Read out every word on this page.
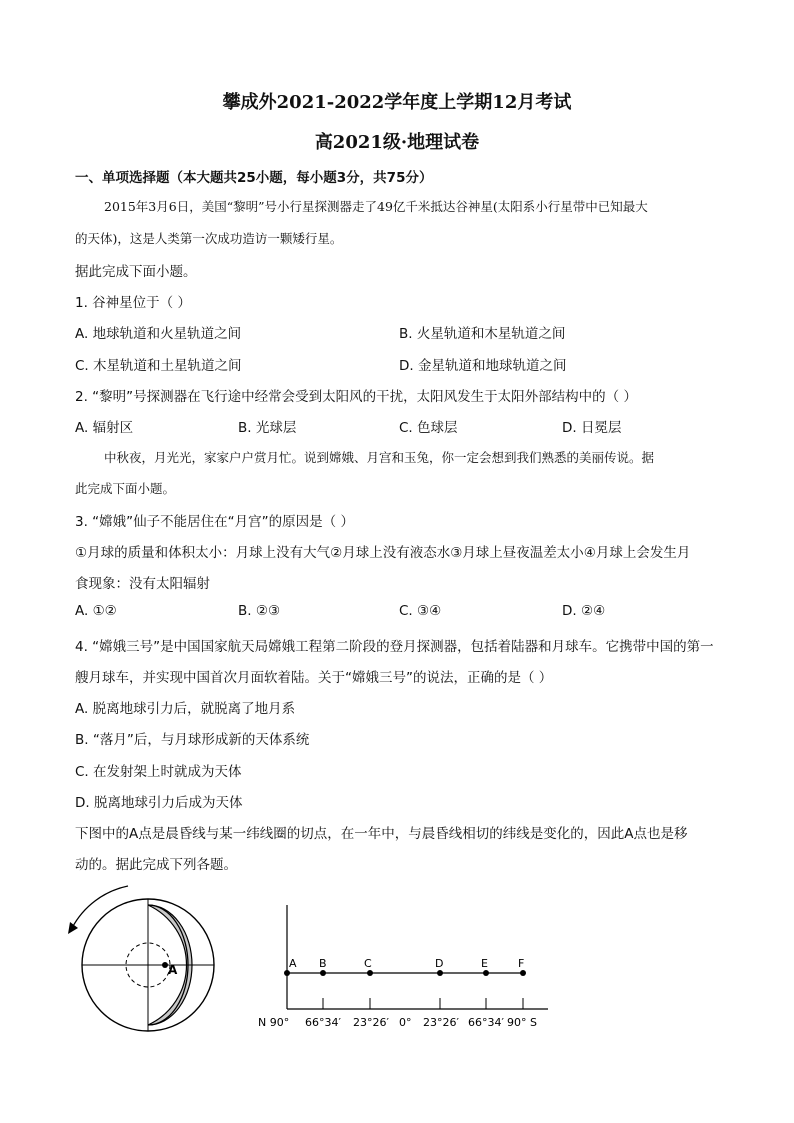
攀成外2021-2022学年度上学期12月考试
高2021级·地理试卷
一、单项选择题（本大题共25小题，每小题3分，共75分）
2015年3月6日，美国“黎明”号小行星探测器走了49亿千米抵达谷神星(太阳系小行星带中已知最大
的天体)，这是人类第一次成功造访一颗矮行星。
据此完成下面小题。
1. 谷神星位于（ ）
A. 地球轨道和火星轨道之间	B. 火星轨道和木星轨道之间
C. 木星轨道和土星轨道之间	D. 金星轨道和地球轨道之间
2. “黎明”号探测器在飞行途中经常会受到太阳风的干扰，太阳风发生于太阳外部结构中的（ ）
A. 辐射区	B. 光球层	C. 色球层	D. 日冕层
中秋夜，月光光，家家户户赏月忙。说到嫦娥、月宫和玉兔，你一定会想到我们熟悉的美丽传说。据
此完成下面小题。
3. “嫦娥”仙子不能居住在“月宫”的原因是（ ）
①月球的质量和体积太小：月球上没有大气②月球上没有液态水③月球上昼夜温差太小④月球上会发生月
食现象：没有太阳辐射
A. ①②	B. ②③	C. ③④	D. ②④
4. “嫦娥三号”是中国国家航天局嫦娥工程第二阶段的登月探测器，包括着陆器和月球车。它携带中国的第一
艘月球车，并实现中国首次月面软着陆。关于“嫦娥三号”的说法，正确的是（ ）
A. 脱离地球引力后，就脱离了地月系
B. “落月”后，与月球形成新的天体系统
C. 在发射架上时就成为天体
D. 脱离地球引力后成为天体
下图中的A点是晨昏线与某一纬线圈的切点，在一年中，与晨昏线相切的纬线是变化的，因此A点也是移
动的。据此完成下列各题。
A	A B	C	D	E	F
N 90° 66°34′ 23°26′ 0° 23°26′ 66°34′ 90° S
